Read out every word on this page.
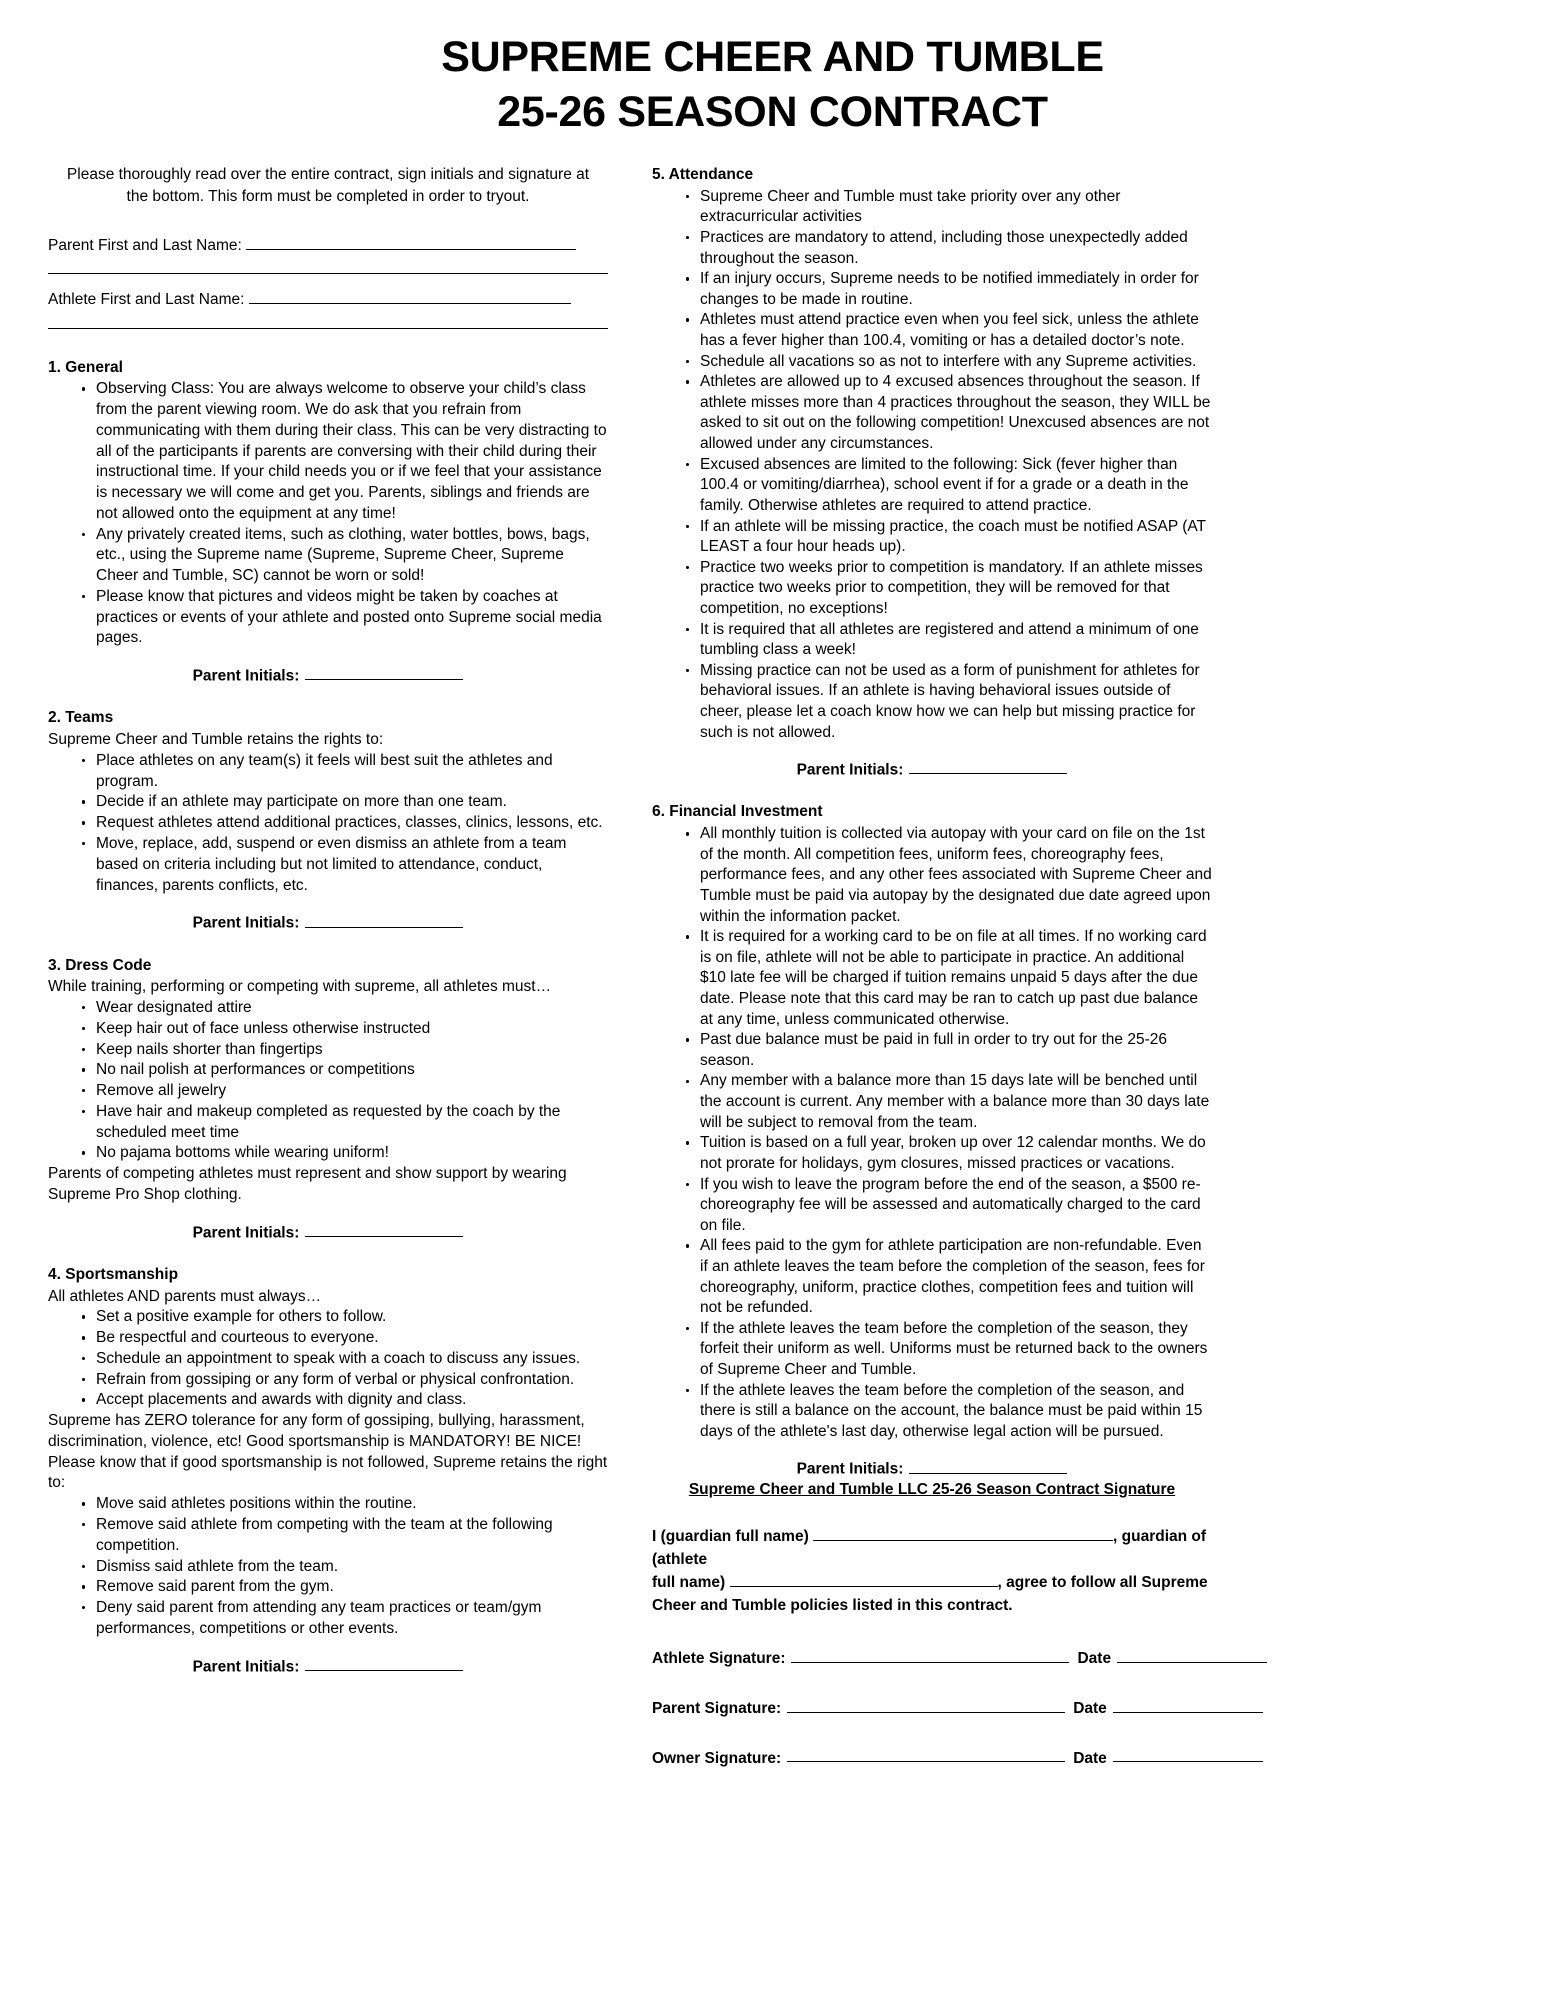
SUPREME CHEER AND TUMBLE
25-26 SEASON CONTRACT

Please thoroughly read over the entire contract, sign initials and signature at the bottom. This form must be completed in order to tryout.

Parent First and Last Name:
Athlete First and Last Name:
1. General
Observing Class: You are always welcome to observe your child’s class from the parent viewing room. We do ask that you refrain from communicating with them during their class. This can be very distracting to all of the participants if parents are conversing with their child during their instructional time. If your child needs you or if we feel that your assistance is necessary we will come and get you. Parents, siblings and friends are not allowed onto the equipment at any time!
Any privately created items, such as clothing, water bottles, bows, bags, etc., using the Supreme name (Supreme, Supreme Cheer, Supreme Cheer and Tumble, SC) cannot be worn or sold!
Please know that pictures and videos might be taken by coaches at practices or events of your athlete and posted onto Supreme social media pages.
Parent Initials:
2. Teams

Supreme Cheer and Tumble retains the rights to:

Place athletes on any team(s) it feels will best suit the athletes and program.
Decide if an athlete may participate on more than one team.
Request athletes attend additional practices, classes, clinics, lessons, etc.
Move, replace, add, suspend or even dismiss an athlete from a team based on criteria including but not limited to attendance, conduct, finances, parents conflicts, etc.
Parent Initials:
3. Dress Code

While training, performing or competing with supreme, all athletes must…

Wear designated attire
Keep hair out of face unless otherwise instructed
Keep nails shorter than fingertips
No nail polish at performances or competitions
Remove all jewelry
Have hair and makeup completed as requested by the coach by the scheduled meet time
No pajama bottoms while wearing uniform!

Parents of competing athletes must represent and show support by wearing Supreme Pro Shop clothing.

Parent Initials:
4. Sportsmanship

All athletes AND parents must always…

Set a positive example for others to follow.
Be respectful and courteous to everyone.
Schedule an appointment to speak with a coach to discuss any issues.
Refrain from gossiping or any form of verbal or physical confrontation.
Accept placements and awards with dignity and class.

Supreme has ZERO tolerance for any form of gossiping, bullying, harassment, discrimination, violence, etc! Good sportsmanship is MANDATORY! BE NICE!

Please know that if good sportsmanship is not followed, Supreme retains the right to:

Move said athletes positions within the routine.
Remove said athlete from competing with the team at the following competition.
Dismiss said athlete from the team.
Remove said parent from the gym.
Deny said parent from attending any team practices or team/gym performances, competitions or other events.
Parent Initials:
5. Attendance
Supreme Cheer and Tumble must take priority over any other extracurricular activities
Practices are mandatory to attend, including those unexpectedly added throughout the season.
If an injury occurs, Supreme needs to be notified immediately in order for changes to be made in routine.
Athletes must attend practice even when you feel sick, unless the athlete has a fever higher than 100.4, vomiting or has a detailed doctor’s note.
Schedule all vacations so as not to interfere with any Supreme activities.
Athletes are allowed up to 4 excused absences throughout the season. If athlete misses more than 4 practices throughout the season, they WILL be asked to sit out on the following competition! Unexcused absences are not allowed under any circumstances.
Excused absences are limited to the following: Sick (fever higher than 100.4 or vomiting/diarrhea), school event if for a grade or a death in the family. Otherwise athletes are required to attend practice.
If an athlete will be missing practice, the coach must be notified ASAP (AT LEAST a four hour heads up).
Practice two weeks prior to competition is mandatory. If an athlete misses practice two weeks prior to competition, they will be removed for that competition, no exceptions!
It is required that all athletes are registered and attend a minimum of one tumbling class a week!
Missing practice can not be used as a form of punishment for athletes for behavioral issues. If an athlete is having behavioral issues outside of cheer, please let a coach know how we can help but missing practice for such is not allowed.
Parent Initials:
6. Financial Investment
All monthly tuition is collected via autopay with your card on file on the 1st of the month. All competition fees, uniform fees, choreography fees, performance fees, and any other fees associated with Supreme Cheer and Tumble must be paid via autopay by the designated due date agreed upon within the information packet.
It is required for a working card to be on file at all times. If no working card is on file, athlete will not be able to participate in practice. An additional $10 late fee will be charged if tuition remains unpaid 5 days after the due date. Please note that this card may be ran to catch up past due balance at any time, unless communicated otherwise.
Past due balance must be paid in full in order to try out for the 25-26 season.
Any member with a balance more than 15 days late will be benched until the account is current. Any member with a balance more than 30 days late will be subject to removal from the team.
Tuition is based on a full year, broken up over 12 calendar months. We do not prorate for holidays, gym closures, missed practices or vacations.
If you wish to leave the program before the end of the season, a $500 re-choreography fee will be assessed and automatically charged to the card on file.
All fees paid to the gym for athlete participation are non-refundable. Even if an athlete leaves the team before the completion of the season, fees for choreography, uniform, practice clothes, competition fees and tuition will not be refunded.
If the athlete leaves the team before the completion of the season, they forfeit their uniform as well. Uniforms must be returned back to the owners of Supreme Cheer and Tumble.
If the athlete leaves the team before the completion of the season, and there is still a balance on the account, the balance must be paid within 15 days of the athlete's last day, otherwise legal action will be pursued.
Parent Initials:
Supreme Cheer and Tumble LLC 25-26 Season Contract Signature
I (guardian full name)	, guardian of (athlete
full name)	, agree to follow all Supreme
Cheer and Tumble policies listed in this contract.
Athlete Signature:	Date
Parent Signature:	Date
Owner Signature:	Date
